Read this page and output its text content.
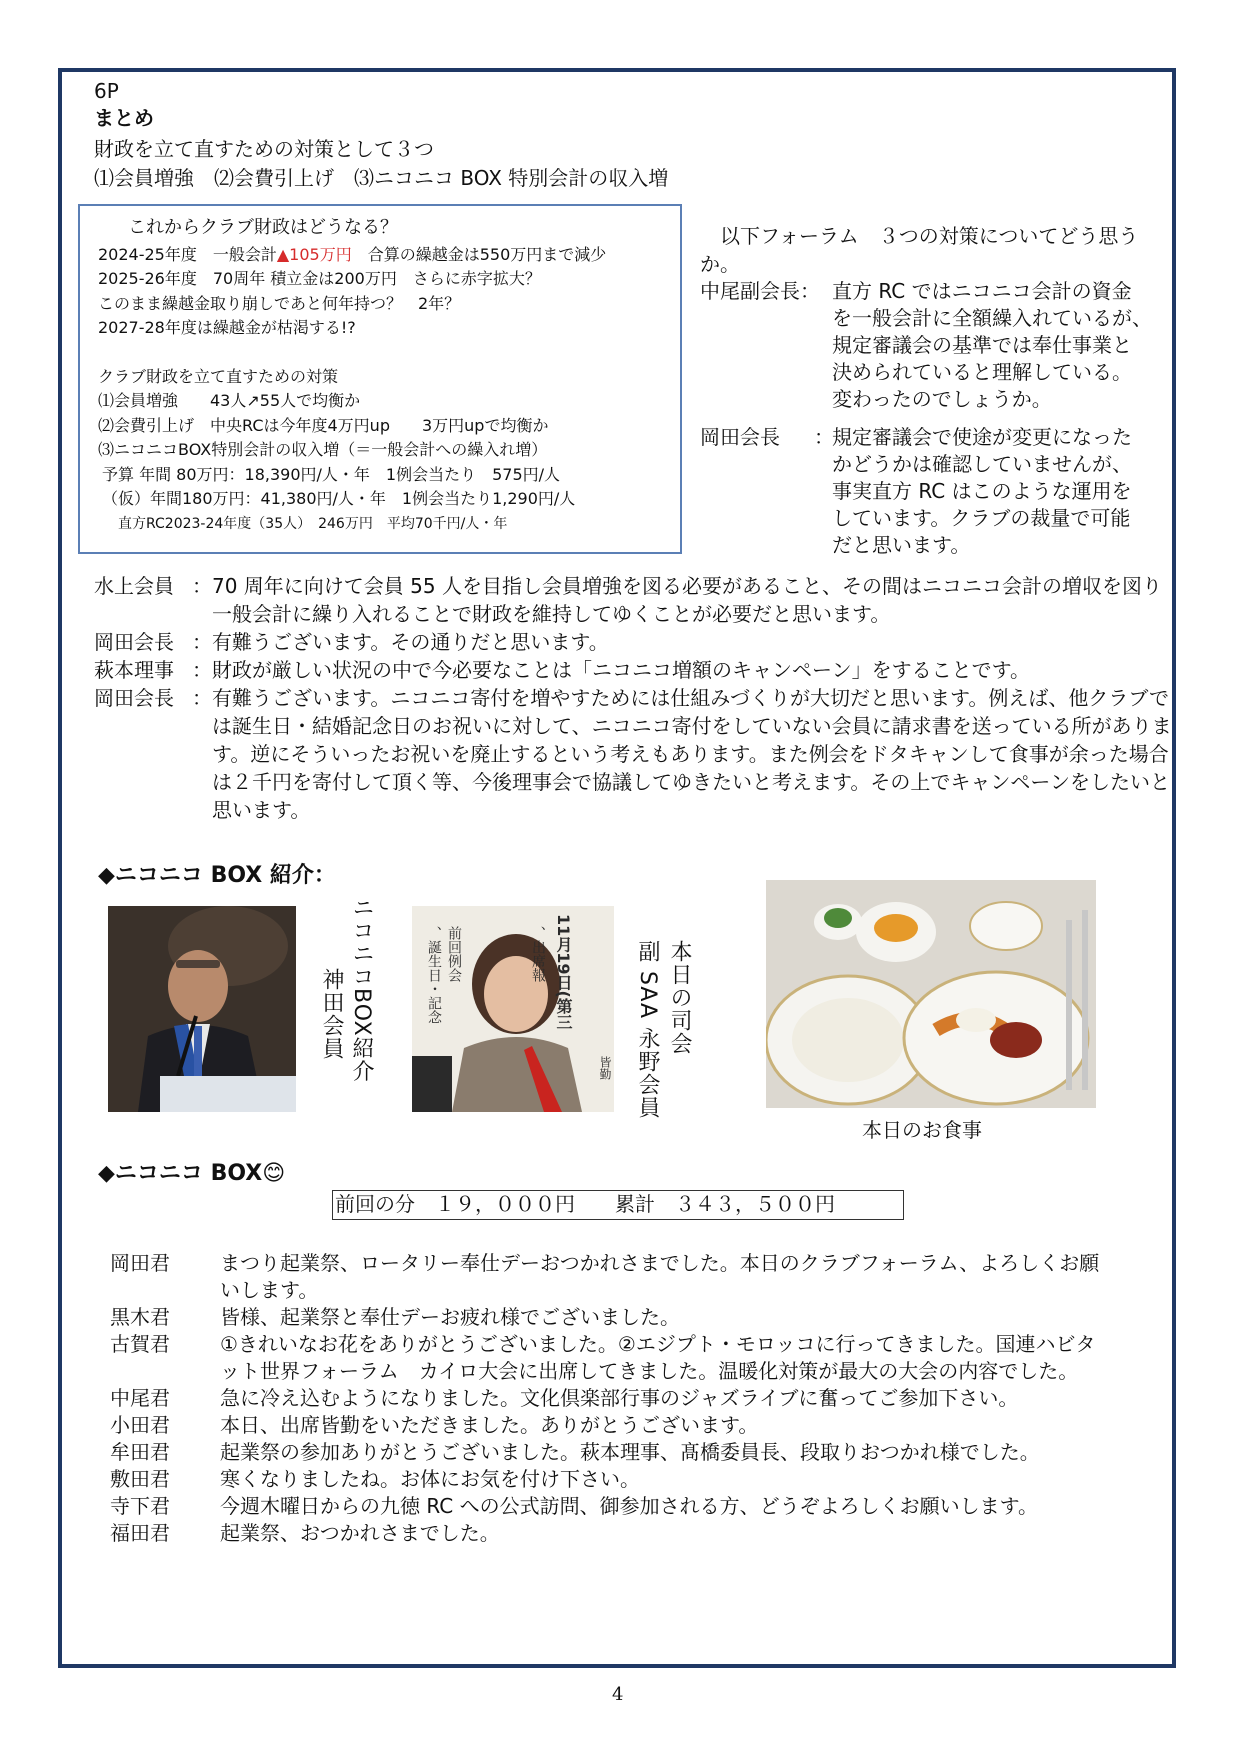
6P
まとめ
財政を立て直すための対策として３つ
⑴会員増強　⑵会費引上げ　⑶ニコニコ BOX 特別会計の収入増
これからクラブ財政はどうなる？
2024-25年度　一般会計▲105万円　合算の繰越金は550万円まで減少
2025-26年度　70周年 積立金は200万円　さらに赤字拡大？
このまま繰越金取り崩しであと何年持つ？　2年？
2027-28年度は繰越金が枯渇する!?
クラブ財政を立て直すための対策
⑴会員増強　　43人↗55人で均衡か
⑵会費引上げ　中央RCは今年度4万円up　　3万円upで均衡か
⑶ニコニコBOX特別会計の収入増（＝一般会計への繰入れ増）
予算 年間 80万円：18,390円/人・年　1例会当たり　575円/人
（仮）年間180万円：41,380円/人・年　1例会当たり1,290円/人
直方RC2023-24年度（35人）　246万円　平均70千円/人・年
以下フォーラム　３つの対策についてどう思うか。
中尾副会長： 直方 RC ではニコニコ会計の資金
を一般会計に全額繰入れているが、
規定審議会の基準では奉仕事業と
決められていると理解している。
変わったのでしょうか。
岡田会長	：
規定審議会で使途が変更になった
かどうかは確認していませんが、
事実直方 RC はこのような運用を
しています。クラブの裁量で可能
だと思います。
水上会員 ： 70 周年に向けて会員 55 人を目指し会員増強を図る必要があること、その間はニコニコ会計の増収を図り一般会計に繰り入れることで財政を維持してゆくことが必要だと思います。
岡田会長 ： 有難うございます。その通りだと思います。
萩本理事 ： 財政が厳しい状況の中で今必要なことは「ニコニコ増額のキャンペーン」をすることです。
岡田会長 ： 有難うございます。ニコニコ寄付を増やすためには仕組みづくりが大切だと思います。例えば、他クラブでは誕生日・結婚記念日のお祝いに対して、ニコニコ寄付をしていない会員に請求書を送っている所があります。逆にそういったお祝いを廃止するという考えもあります。また例会をドタキャンして食事が余った場合は２千円を寄付して頂く等、今後理事会で協議してゆきたいと考えます。その上でキャンペーンをしたいと思います。
◆ニコニコ BOX 紹介：
ニコニコBOX紹介
神田会員	11月19日(第三
、出席報
前回例会
、誕生日・記念
皆勤
本日の司会
副 SAA 永野会員
本日のお食事
◆ニコニコ BOX😊
前回の分　１９，０００円　　累計　３４３，５００円
岡田君	まつり起業祭、ロータリー奉仕デーおつかれさまでした。本日のクラブフォーラム、よろしくお願いします。
黒木君	皆様、起業祭と奉仕デーお疲れ様でございました。
古賀君	①きれいなお花をありがとうございました。②エジプト・モロッコに行ってきました。国連ハビタット世界フォーラム　カイロ大会に出席してきました。温暖化対策が最大の大会の内容でした。
中尾君	急に冷え込むようになりました。文化倶楽部行事のジャズライブに奮ってご参加下さい。
小田君	本日、出席皆勤をいただきました。ありがとうございます。
牟田君	起業祭の参加ありがとうございました。萩本理事、髙橋委員長、段取りおつかれ様でした。
敷田君	寒くなりましたね。お体にお気を付け下さい。
寺下君	今週木曜日からの九徳 RC への公式訪問、御参加される方、どうぞよろしくお願いします。
福田君	起業祭、おつかれさまでした。
4
